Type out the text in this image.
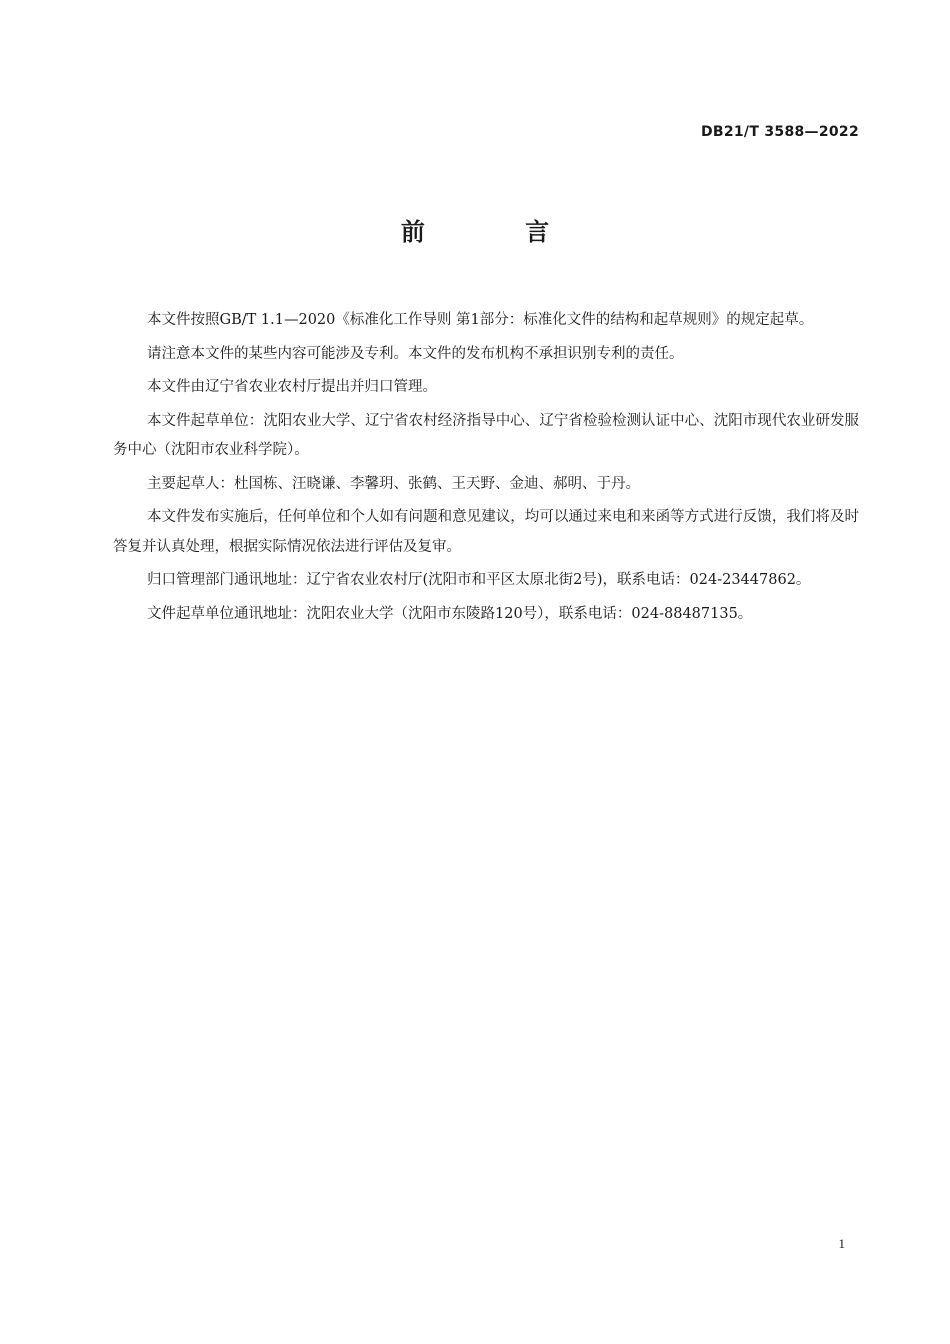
DB21/T 3588—2022
前 言

本文件按照GB/T 1.1—2020《标准化工作导则 第1部分：标准化文件的结构和起草规则》的规定起草。

请注意本文件的某些内容可能涉及专利。本文件的发布机构不承担识别专利的责任。

本文件由辽宁省农业农村厅提出并归口管理。

本文件起草单位：沈阳农业大学、辽宁省农村经济指导中心、辽宁省检验检测认证中心、沈阳市现代农业研发服务中心（沈阳市农业科学院）。

主要起草人：杜国栋、汪晓谦、李馨玥、张鹤、王天野、金迪、郝明、于丹。

本文件发布实施后，任何单位和个人如有问题和意见建议，均可以通过来电和来函等方式进行反馈，我们将及时答复并认真处理，根据实际情况依法进行评估及复审。

归口管理部门通讯地址：辽宁省农业农村厅(沈阳市和平区太原北街2号)，联系电话：024-23447862。

文件起草单位通讯地址：沈阳农业大学（沈阳市东陵路120号），联系电话：024-88487135。

1
